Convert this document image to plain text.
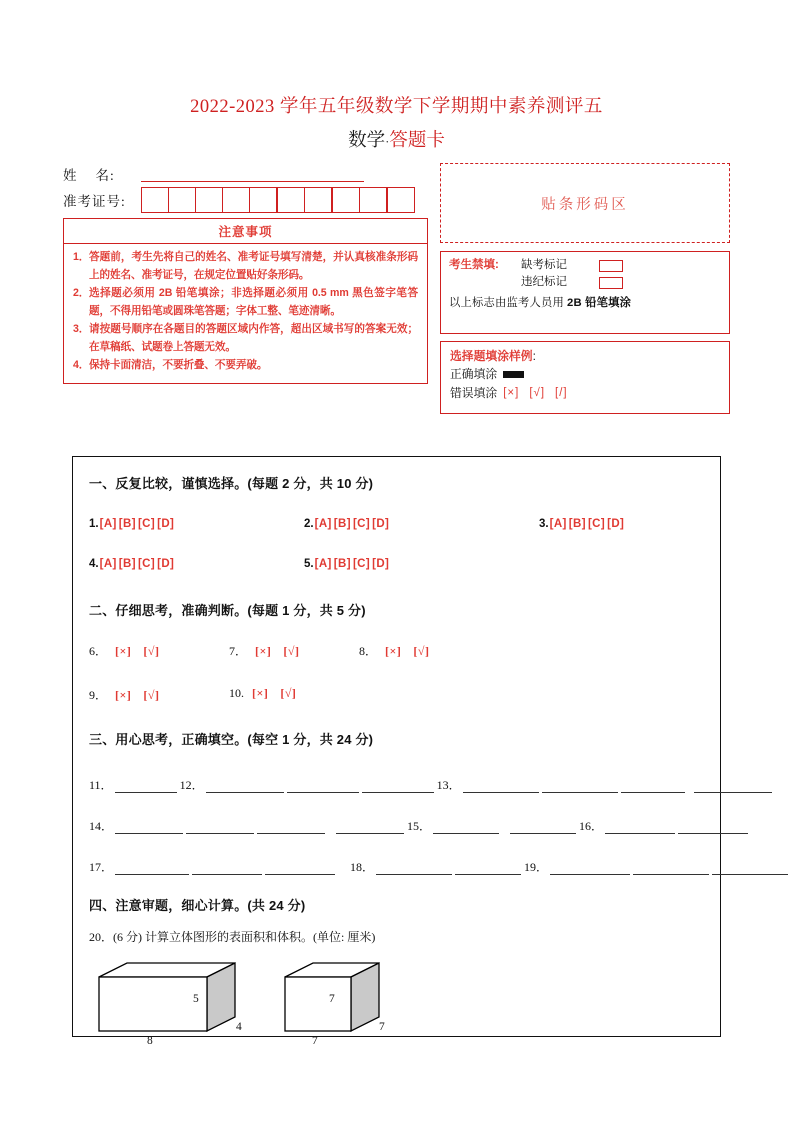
2022-2023 学年五年级数学下学期期中素养测评五
数学·答题卡
姓 名:
准考证号:
注意事项
1． 答题前，考生先将自己的姓名、准考证号填写清楚，并认真核准条形码上的姓名、准考证号，在规定位置贴好条形码。
2． 选择题必须用 2B 铅笔填涂；非选择题必须用 0.5 mm 黑色签字笔答题，不得用铅笔或圆珠笔答题；字体工整、笔迹清晰。
3． 请按题号顺序在各题目的答题区域内作答，超出区域书写的答案无效；在草稿纸、试题卷上答题无效。
4． 保持卡面清洁，不要折叠、不要弄破。
贴条形码区
考生禁填:	缺考标记

违纪标记
以上标志由监考人员用 2B 铅笔填涂
选择题填涂样例:
正确填涂
错误填涂 [×] [√] [/]
一、反复比较，谨慎选择。(每题 2 分，共 10 分)
1. [A] [B] [C] [D]	2. [A] [B] [C] [D]	3. [A] [B] [C] [D]
4. [A] [B] [C] [D]	5. [A] [B] [C] [D]
二、仔细思考，准确判断。(每题 1 分，共 5 分)
6． [×] [√]	7． [×] [√]	8． [×] [√]
9． [×] [√]	10. [×] [√]
三、用心思考，正确填空。(每空 1 分，共 24 分)
11．	12．	13．
14．	15．	16．
17．	18．	19．
四、注意审题，细心计算。(共 24 分)
20．(6 分) 计算立体图形的表面积和体积。(单位: 厘米)
5
4
8
7
7
7
